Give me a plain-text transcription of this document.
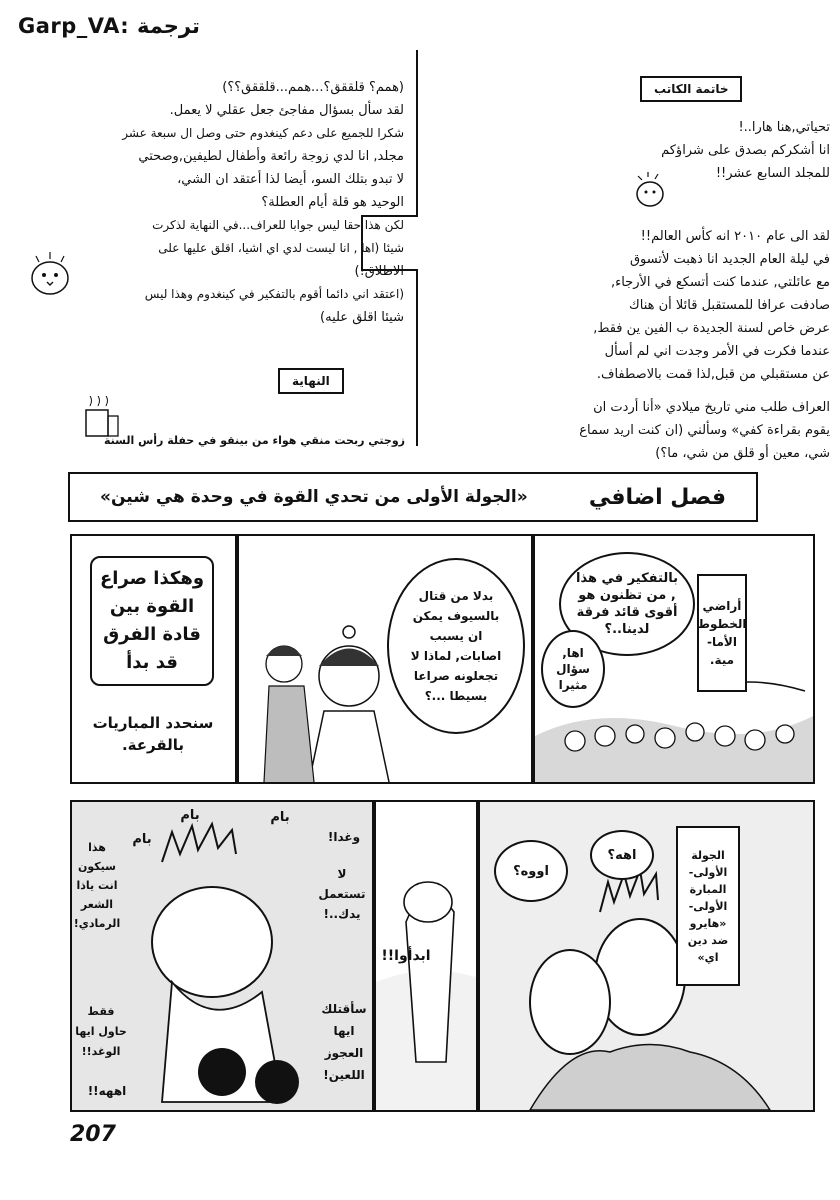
Garp_VA: ترجمة
خاتمة الكاتب
تحياتي,هنا هارا..!
انا أشكركم بصدق على شراؤكم
للمجلد السابع عشر!!
لقد الى عام ٢٠١٠ انه كأس العالم!!
في ليلة العام الجديد انا ذهبت لأتسوق
مع عائلتي, عندما كنت أتسكع في الأرجاء,
صادفت عرافا للمستقبل قائلا أن هناك
عرض خاص لسنة الجديدة ب الفين ين فقط,
عندما فكرت في الأمر وجدت اني لم أسأل
عن مستقبلي من قبل,لذا قمت بالاصطفاف.
العراف طلب مني تاريخ ميلادي «أنا أردت ان
يقوم بقراءة كفي» وسألني (ان كنت اريد سماع
شي، معين أو قلق من شي، ما؟)
(همم؟ قلققق؟...همم...قلققق؟؟)
لقد سأل بسؤال مفاجئ جعل عقلي لا يعمل.
شكرا للجميع على دعم كينغدوم حتى وصل ال سبعة عشر
مجلد, انا لدي زوجة رائعة وأطفال لطيفين,وصحتي
لا تبدو بتلك السو، أيضا لذا أعتقد ان الشي،
الوحيد هو قلة أيام العطلة؟
لكن هذا حقا ليس جوابا للعراف...في النهاية لذكرت
شيئا (اها , انا ليست لدي اي اشيا، اقلق عليها على
الاطلاق!)
(اعتقد اني دائما أقوم بالتفكير في كينغدوم وهذا ليس
شيئا اقلق عليه)
النهاية
زوجتي ربحت منقي هواء من بينقو في حفلة رأس السنة
«الجولة الأولى من تحدي القوة في وحدة هي شين»	فصل اضافي
أراضي الخطوط الأما- مية.
بالتفكير في هذا , من تظنون هو أقوى قائد فرقة لدينا..؟
اها, سؤال مثيرا
بدلا من قتال بالسيوف يمكن ان يسبب اصابات, لماذا لا تجعلونه صراعا بسيطا ...؟
وهكذا صراع القوة بين قادة الفرق قد بدأ
سنحدد المباريات بالقرعة.
الجولة الأولى- المبارة الأولى- «هايرو ضد دين اي»
اهه؟
اووه؟
ابدأوا!!
بام	بام
بام
هذا سيكون انت ياذا الشعر الرمادي!
وغدا!
لا تستعمل يدك..!
سأقتلك ايها العجوز اللعين!
فقط حاول ايها الوغد!!
اههه!!
207
